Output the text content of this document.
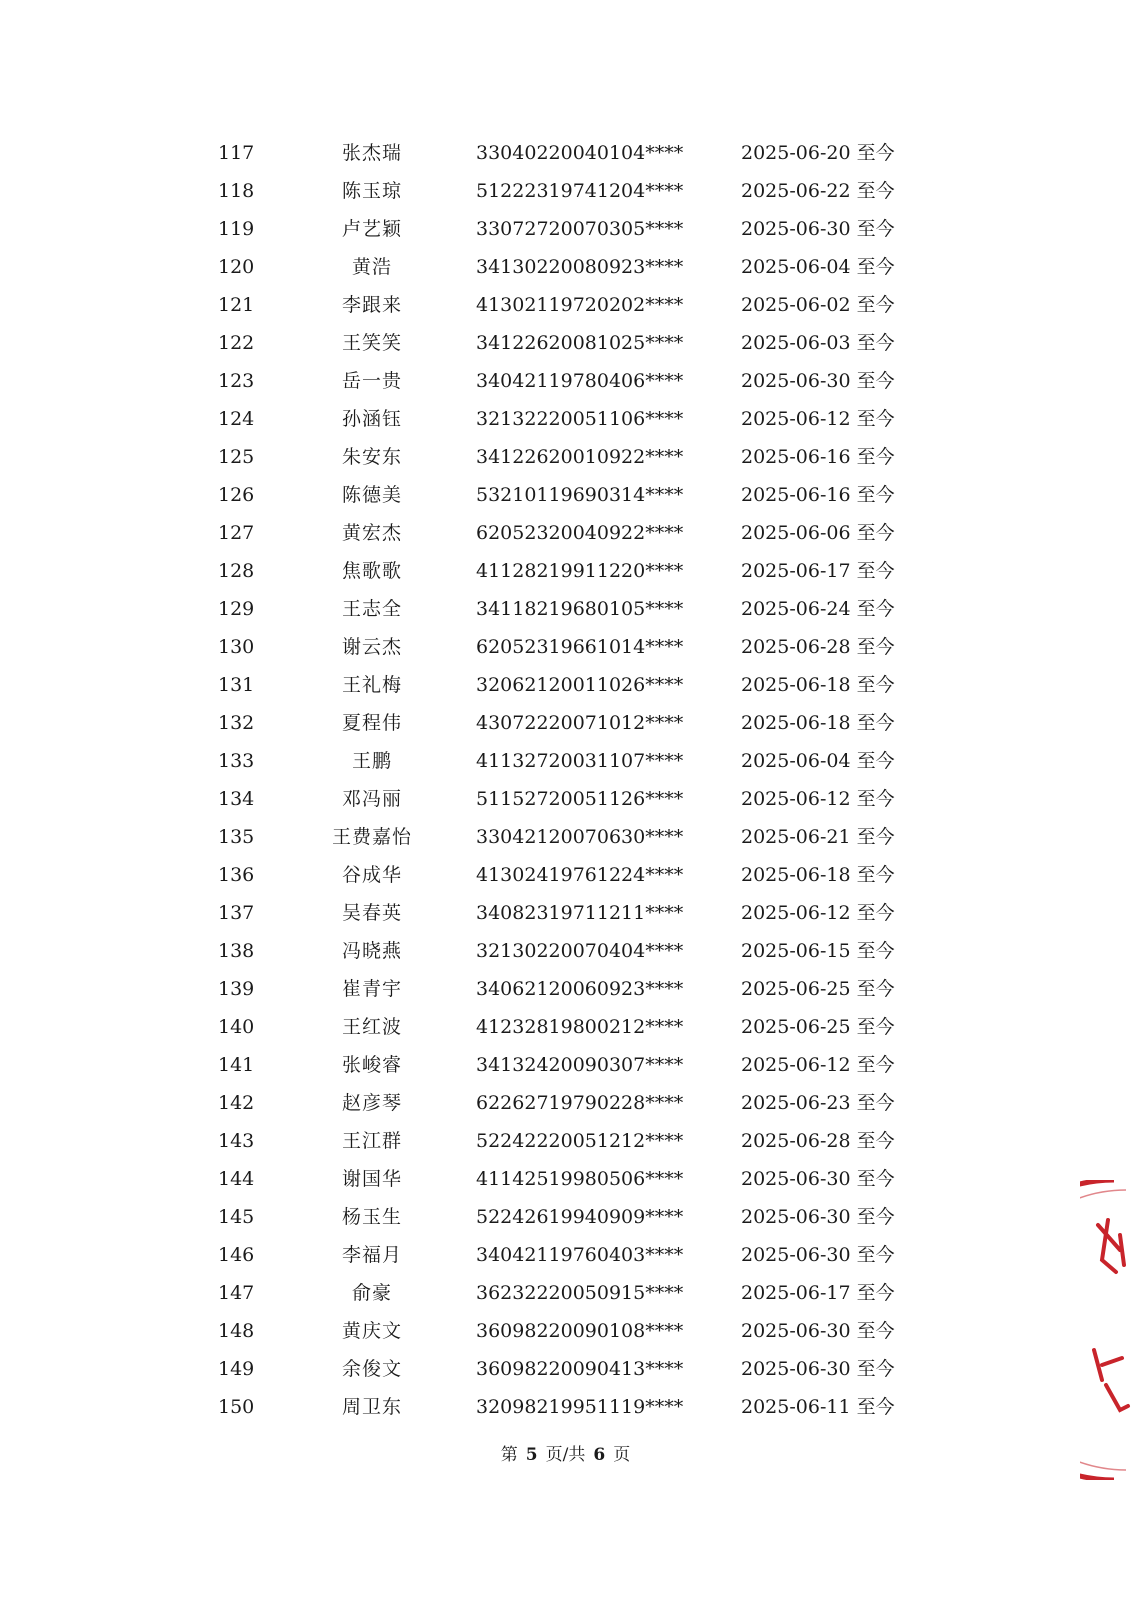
117	张杰瑞	33040220040104****	2025-06-20 至今
118	陈玉琼	51222319741204****	2025-06-22 至今
119	卢艺颖	33072720070305****	2025-06-30 至今
120	黄浩	34130220080923****	2025-06-04 至今
121	李跟来	41302119720202****	2025-06-02 至今
122	王笑笑	34122620081025****	2025-06-03 至今
123	岳一贵	34042119780406****	2025-06-30 至今
124	孙涵钰	32132220051106****	2025-06-12 至今
125	朱安东	34122620010922****	2025-06-16 至今
126	陈德美	53210119690314****	2025-06-16 至今
127	黄宏杰	62052320040922****	2025-06-06 至今
128	焦歌歌	41128219911220****	2025-06-17 至今
129	王志全	34118219680105****	2025-06-24 至今
130	谢云杰	62052319661014****	2025-06-28 至今
131	王礼梅	32062120011026****	2025-06-18 至今
132	夏程伟	43072220071012****	2025-06-18 至今
133	王鹏	41132720031107****	2025-06-04 至今
134	邓冯丽	51152720051126****	2025-06-12 至今
135	王费嘉怡	33042120070630****	2025-06-21 至今
136	谷成华	41302419761224****	2025-06-18 至今
137	吴春英	34082319711211****	2025-06-12 至今
138	冯晓燕	32130220070404****	2025-06-15 至今
139	崔青宇	34062120060923****	2025-06-25 至今
140	王红波	41232819800212****	2025-06-25 至今
141	张峻睿	34132420090307****	2025-06-12 至今
142	赵彦琴	62262719790228****	2025-06-23 至今
143	王江群	52242220051212****	2025-06-28 至今
144	谢国华	41142519980506****	2025-06-30 至今
145	杨玉生	52242619940909****	2025-06-30 至今
146	李福月	34042119760403****	2025-06-30 至今
147	俞豪	36232220050915****	2025-06-17 至今
148	黄庆文	36098220090108****	2025-06-30 至今
149	余俊文	36098220090413****	2025-06-30 至今
150	周卫东	32098219951119****	2025-06-11 至今
第 5 页/共 6 页
